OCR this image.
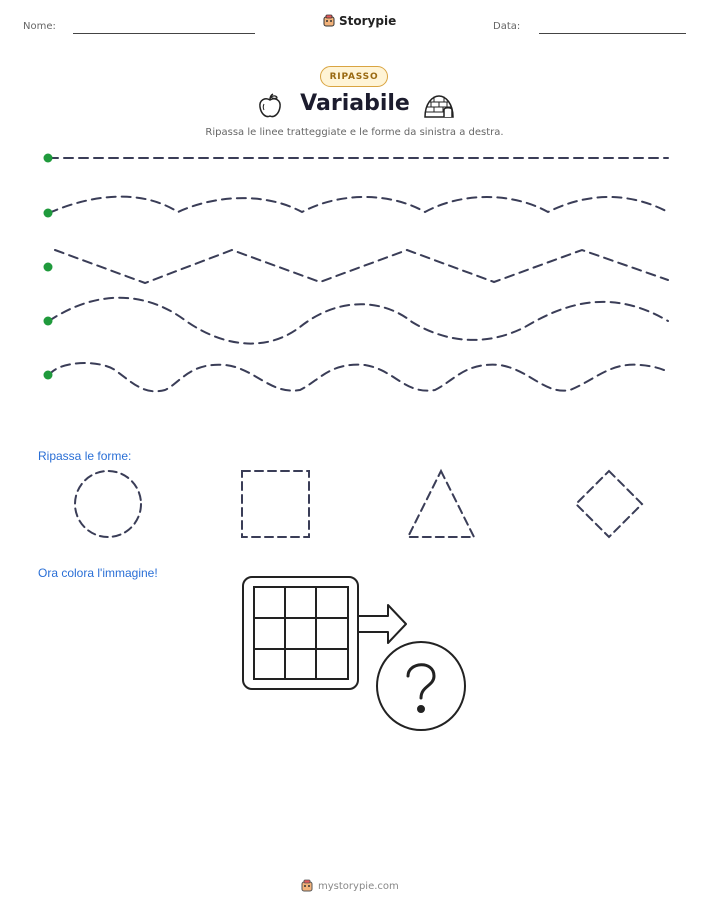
Nome:	Storypie	Data:
RIPASSO
Variabile
Ripassa le linee tratteggiate e le forme da sinistra a destra.
Ripassa le forme:
Ora colora l'immagine!
mystorypie.com
